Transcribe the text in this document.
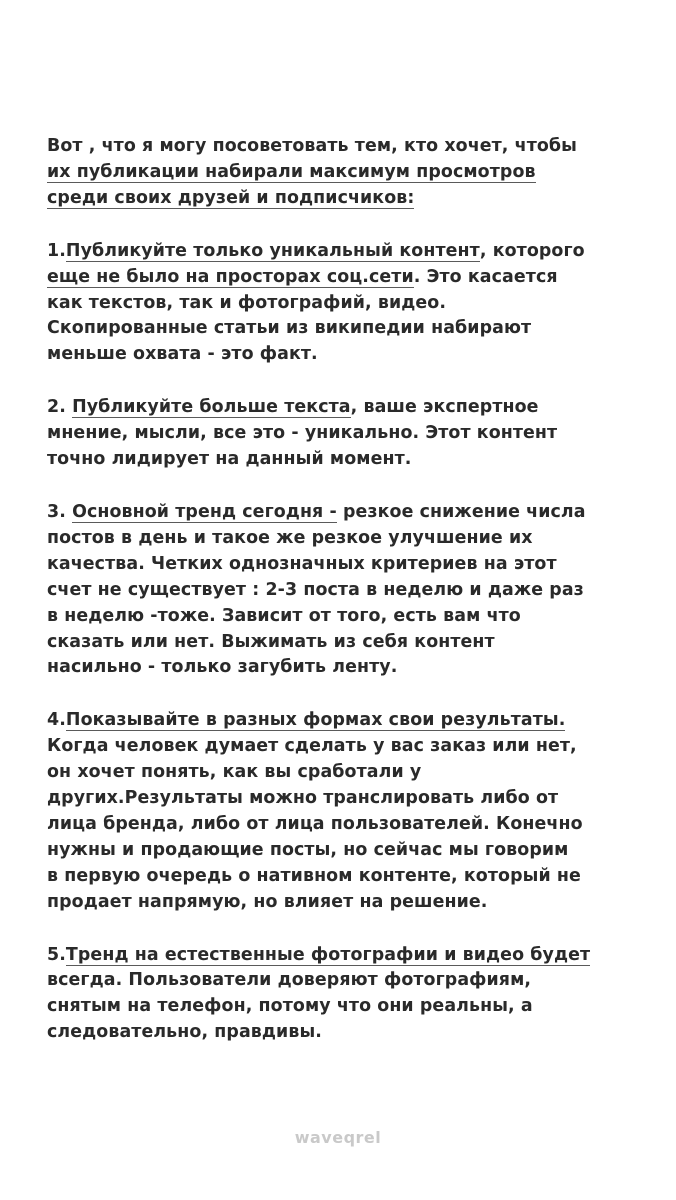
Вот , что я могу посоветовать тем, кто хочет, чтобы
их публикации набирали максимум просмотров
среди своих друзей и подписчиков:
1.Публикуйте только уникальный контент, которого
еще не было на просторах соц.сети. Это касается
как текстов, так и фотографий, видео.
Скопированные статьи из википедии набирают
меньше охвата - это факт.
2. Публикуйте больше текста, ваше экспертное
мнение, мысли, все это - уникально. Этот контент
точно лидирует на данный момент.
3. Основной тренд сегодня - резкое снижение числа
постов в день и такое же резкое улучшение их
качества. Четких однозначных критериев на этот
счет не существует : 2-3 поста в неделю и даже раз
в неделю -тоже. Зависит от того, есть вам что
сказать или нет. Выжимать из себя контент
насильно - только загубить ленту.
4.Показывайте в разных формах свои результаты.
Когда человек думает сделать у вас заказ или нет,
он хочет понять, как вы сработали у
других.Результаты можно транслировать либо от
лица бренда, либо от лица пользователей. Конечно
нужны и продающие посты, но сейчас мы говорим
в первую очередь о нативном контенте, который не
продает напрямую, но влияет на решение.
5.Тренд на естественные фотографии и видео будет
всегда. Пользователи доверяют фотографиям,
снятым на телефон, потому что они реальны, а
следовательно, правдивы.
waveqrel
